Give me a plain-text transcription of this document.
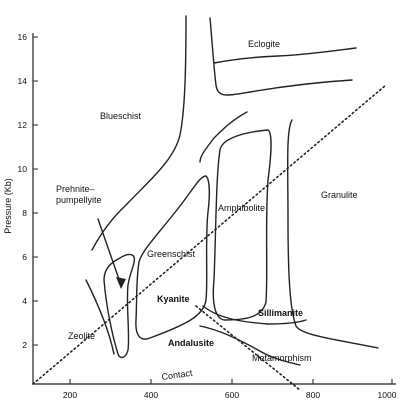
2
4
6
8
10
12
14
16
200	400	600	800	1000
Pressure (Kb)
Eclogite
Blueschist
Granulite
Amphibolite
Prehnite–
pumpellyite
Greenschist
Zeolite
Contact
Metamorphism
Kyanite
Andalusite
Sillimanite
